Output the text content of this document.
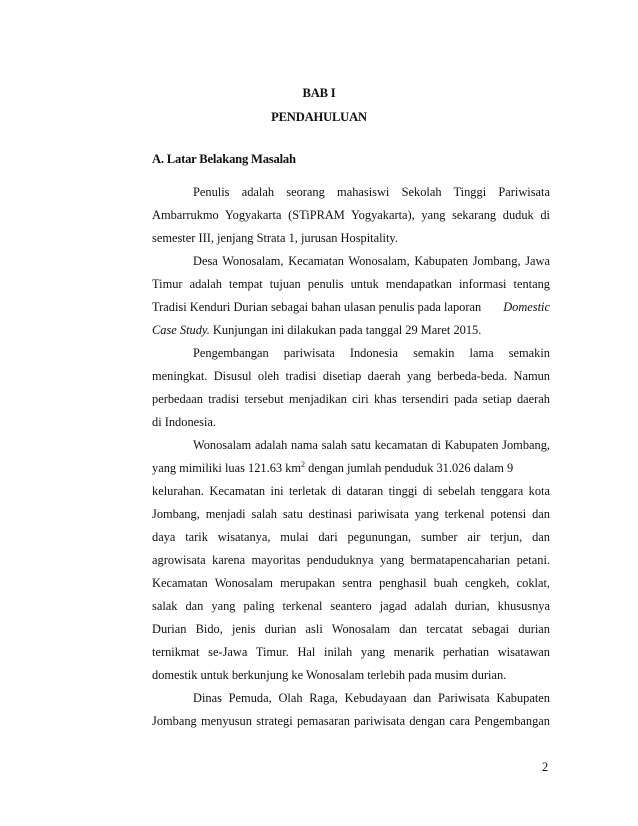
BAB I
PENDAHULUAN
A. Latar Belakang Masalah
Penulis adalah seorang mahasiswi Sekolah Tinggi Pariwisata
Ambarrukmo Yogyakarta (STiPRAM Yogyakarta), yang sekarang duduk di
semester III, jenjang Strata 1, jurusan Hospitality.
Desa Wonosalam, Kecamatan Wonosalam, Kabupaten Jombang, Jawa
Timur adalah tempat tujuan penulis untuk mendapatkan informasi tentang
Tradisi Kenduri Durian sebagai bahan ulasan penulis pada laporan Domestic
Case Study. Kunjungan ini dilakukan pada tanggal 29 Maret 2015.
Pengembangan pariwisata Indonesia semakin lama semakin
meningkat. Disusul oleh tradisi disetiap daerah yang berbeda-beda. Namun
perbedaan tradisi tersebut menjadikan ciri khas tersendiri pada setiap daerah
di Indonesia.
Wonosalam adalah nama salah satu kecamatan di Kabupaten Jombang,
yang mimiliki luas 121.63 $km^2$ dengan jumlah penduduk 31.026 dalam 9
kelurahan. Kecamatan ini terletak di dataran tinggi di sebelah tenggara kota
Jombang, menjadi salah satu destinasi pariwisata yang terkenal potensi dan
daya tarik wisatanya, mulai dari pegunungan, sumber air terjun, dan
agrowisata karena mayoritas penduduknya yang bermatapencaharian petani.
Kecamatan Wonosalam merupakan sentra penghasil buah cengkeh, coklat,
salak dan yang paling terkenal seantero jagad adalah durian, khususnya
Durian Bido, jenis durian asli Wonosalam dan tercatat sebagai durian
ternikmat se-Jawa Timur. Hal inilah yang menarik perhatian wisatawan
domestik untuk berkunjung ke Wonosalam terlebih pada musim durian.
Dinas Pemuda, Olah Raga, Kebudayaan dan Pariwisata Kabupaten
Jombang menyusun strategi pemasaran pariwisata dengan cara Pengembangan
2
